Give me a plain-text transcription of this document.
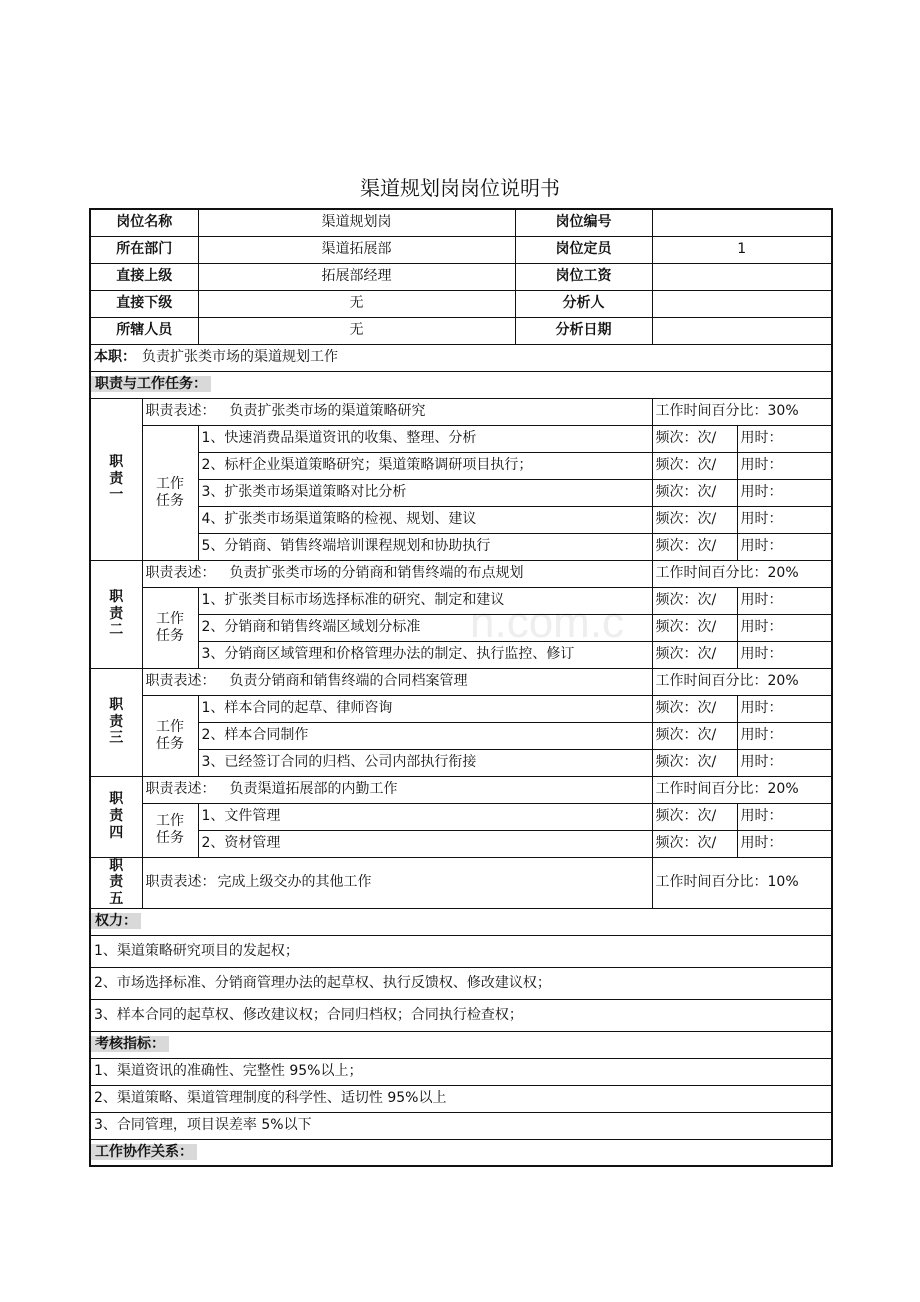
渠道规划岗岗位说明书
n.com.c
岗位名称		渠道规划岗	岗位编号		
所在部门		渠道拓展部	岗位定员	1	
直接上级		拓展部经理	岗位工资		
直接下级		无	分析人		
所辖人员		无	分析日期		
本职： 负责扩张类市场的渠道规划工作					
职责与工作任务：					

职
责
一	职责表述： 负责扩张类市场的渠道策略研究			工作时间百分比：30%	

	工作
任务	1、快速消费品渠道资讯的收集、整理、分析		频次：次/	用时：
		2、标杆企业渠道策略研究；渠道策略调研项目执行；		频次：次/	用时：
		3、扩张类市场渠道策略对比分析		频次：次/	用时：
		4、扩张类市场渠道策略的检视、规划、建议		频次：次/	用时：
		5、分销商、销售终端培训课程规划和协助执行		频次：次/	用时：

职
责
二	职责表述： 负责扩张类市场的分销商和销售终端的布点规划			工作时间百分比：20%	

	工作
任务	1、扩张类目标市场选择标准的研究、制定和建议		频次：次/	用时：
		2、分销商和销售终端区域划分标准		频次：次/	用时：
		3、分销商区域管理和价格管理办法的制定、执行监控、修订		频次：次/	用时：

职
责
三	职责表述： 负责分销商和销售终端的合同档案管理			工作时间百分比：20%	

	工作
任务	1、样本合同的起草、律师咨询		频次：次/	用时：
		2、样本合同制作		频次：次/	用时：
		3、已经签订合同的归档、公司内部执行衔接		频次：次/	用时：

职
责
四	职责表述： 负责渠道拓展部的内勤工作			工作时间百分比：20%	

	工作
任务	1、文件管理		频次：次/	用时：
		2、资材管理		频次：次/	用时：

职
责
五	职责表述： 完成上级交办的其他工作			工作时间百分比：10%	
权力：					
1、渠道策略研究项目的发起权；					
2、市场选择标准、分销商管理办法的起草权、执行反馈权、修改建议权；					
3、样本合同的起草权、修改建议权；合同归档权；合同执行检查权；					
考核指标：					
1、渠道资讯的准确性、完整性 95%以上；					
2、渠道策略、渠道管理制度的科学性、适切性 95%以上					
3、合同管理，项目误差率 5%以下					
工作协作关系：					
